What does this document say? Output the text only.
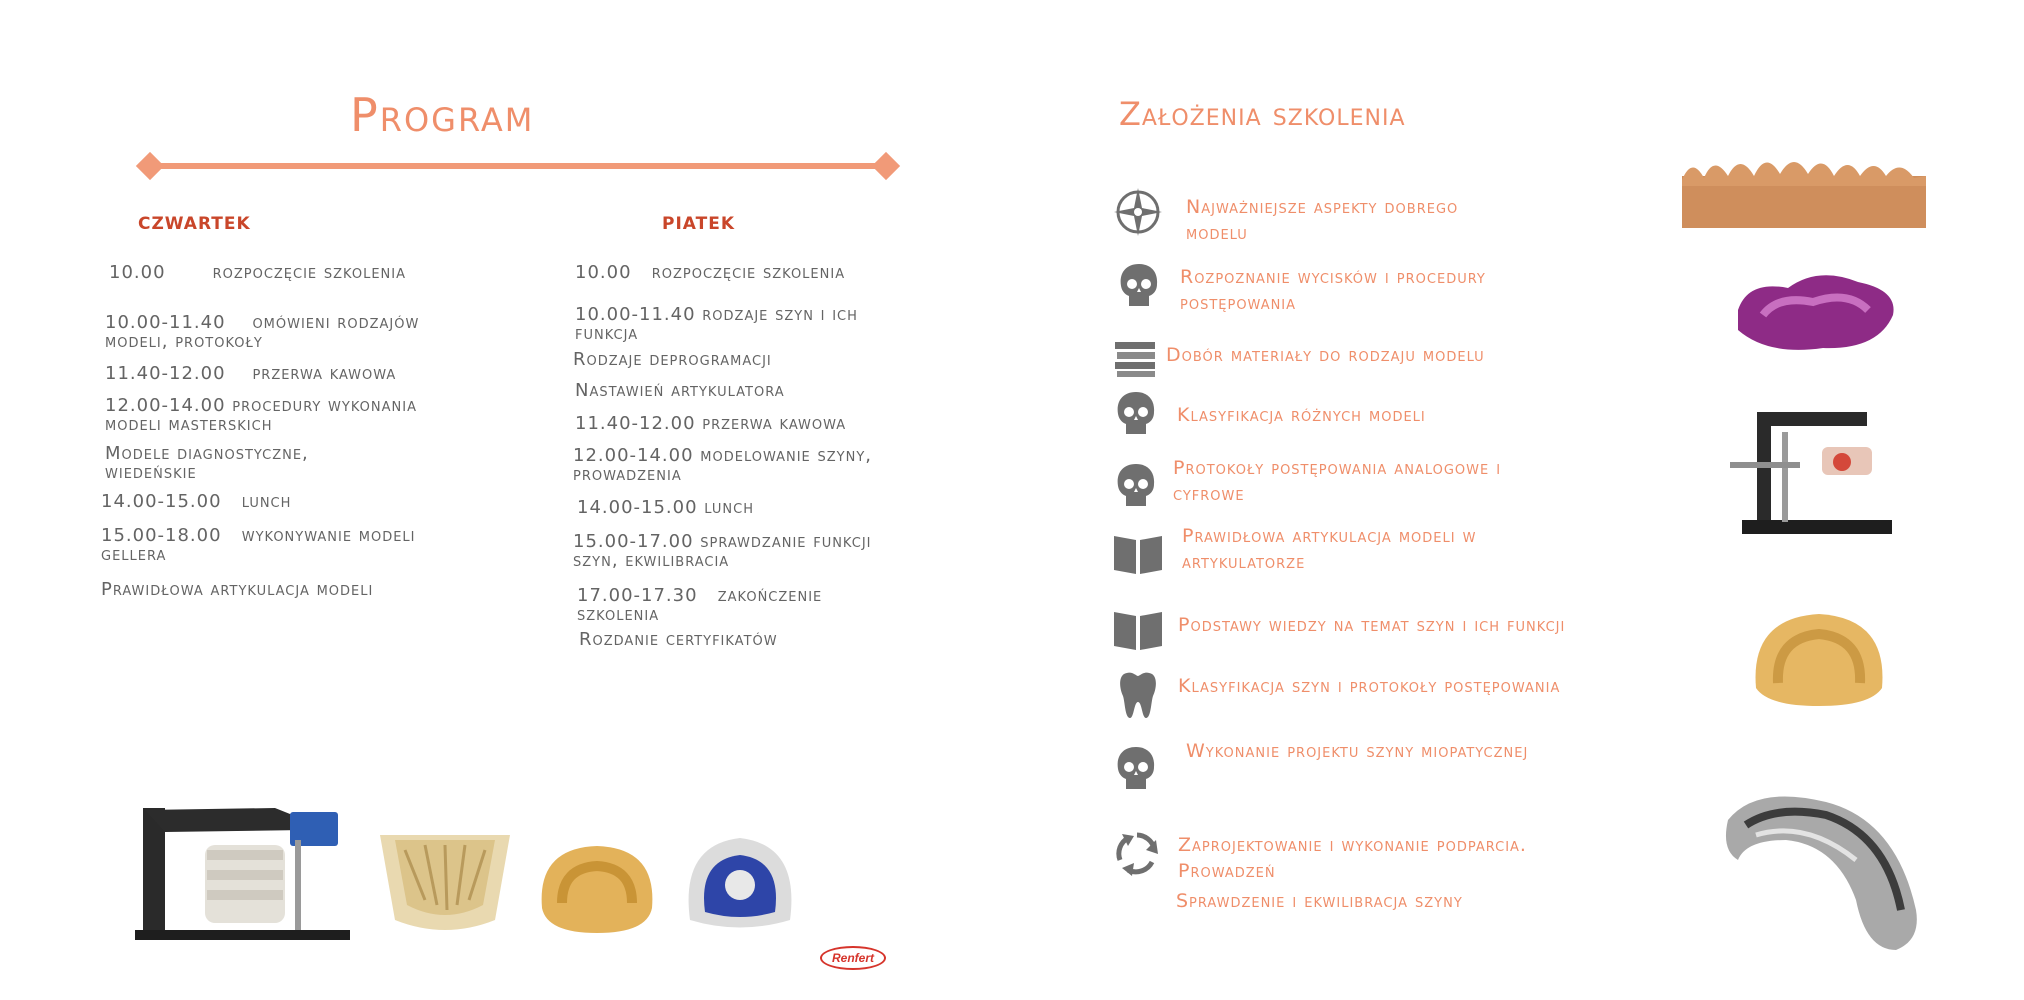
Program
czwartek	piatek
10.00       rozpoczęcie szkolenia
10.00-11.40    omówieni rodzajów
modeli, protokoły
11.40-12.00    przerwa kawowa
12.00-14.00 procedury wykonania
modeli masterskich
Modele diagnostyczne,
wiedeńskie
14.00-15.00   lunch
15.00-18.00   wykonywanie modeli
gellera
Prawidłowa artykulacja modeli
10.00   rozpoczęcie szkolenia
10.00-11.40 rodzaje szyn i ich
funkcja
Rodzaje deprogramacji
Nastawień artykulatora
11.40-12.00 przerwa kawowa
12.00-14.00 modelowanie szyny,
prowadzenia
14.00-15.00 lunch
15.00-17.00 sprawdzanie funkcji
szyn, ekwilibracia
17.00-17.30   zakończenie
szkolenia
Rozdanie certyfikatów
Renfert
Założenia szkolenia
Najważniejsze aspekty dobrego
modelu
Rozpoznanie wycisków i procedury
postępowania
Dobór materiały do rodzaju modelu
Klasyfikacja różnych modeli
Protokoły postępowania analogowe i
cyfrowe
Prawidłowa artykulacja modeli w
artykulatorze
Podstawy wiedzy na temat szyn i ich funkcji
Klasyfikacja szyn i protokoły postępowania
Wykonanie projektu szyny miopatycznej
Zaprojektowanie i wykonanie podparcia.
Prowadzeń
Sprawdzenie i ekwilibracja szyny
